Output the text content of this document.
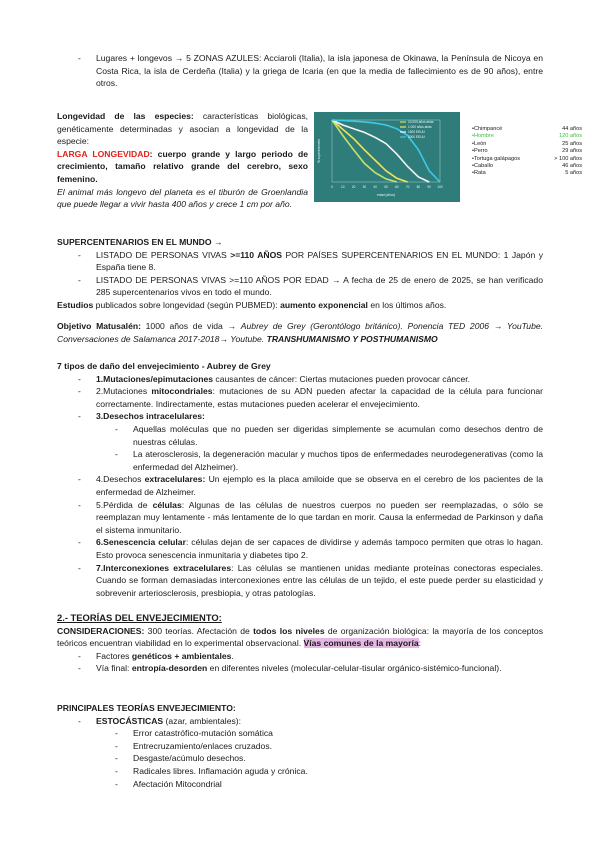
- Lugares + longevos → 5 ZONAS AZULES: Acciaroli (Italia), la isla japonesa de Okinawa, la Península de Nicoya en Costa Rica, la isla de Cerdeña (Italia) y la griega de Icaria (en que la media de fallecimiento es de 90 años), entre otros.
Longevidad de las especies: características biológicas, genéticamente determinadas y asocian a longevidad de la especie:
LARGA LONGEVIDAD: cuerpo grande y largo periodo de crecimiento, tamaño relativo grande del cerebro, sexo femenino.
El animal más longevo del planeta es el tiburón de Groenlandia que puede llegar a vivir hasta 400 años y crece 1 cm por año.
0	10 20 30 40 50 60 70 80 90 100
edad (años)
% supervivientes
10.000 años atrás
1.000 años atrás
1900 EEUU
2000 EEUU
•Chimpancé	44 años
•Hombre	120 años
•León	25 años
•Perro	29 años
•Tortuga galápagos	> 100 años
•Caballo	46 años
•Rata	5 años
SUPERCENTENARIOS EN EL MUNDO →
- LISTADO DE PERSONAS VIVAS >=110 AÑOS POR PAÍSES SUPERCENTENARIOS EN EL MUNDO: 1 Japón y España tiene 8.
- LISTADO DE PERSONAS VIVAS >=110 AÑOS POR EDAD → A fecha de 25 de enero de 2025, se han verificado 285 supercentenarios vivos en todo el mundo.
Estudios publicados sobre longevidad (según PUBMED): aumento exponencial en los últimos años.
Objetivo Matusalén: 1000 años de vida → Aubrey de Grey (Gerontólogo británico). Ponencia TED 2006 → YouTube. Conversaciones de Salamanca 2017-2018→ Youtube. TRANSHUMANISMO Y POSTHUMANISMO
7 tipos de daño del envejecimiento - Aubrey de Grey
- 1.Mutaciones/epimutaciones causantes de cáncer: Ciertas mutaciones pueden provocar cáncer.
- 2.Mutaciones mitocondriales: mutaciones de su ADN pueden afectar la capacidad de la célula para funcionar correctamente. Indirectamente, estas mutaciones pueden acelerar el envejecimiento.
- 3.Desechos intracelulares:
- Aquellas moléculas que no pueden ser digeridas simplemente se acumulan como desechos dentro de nuestras células.
- La aterosclerosis, la degeneración macular y muchos tipos de enfermedades neurodegenerativas (como la enfermedad del Alzheimer).
- 4.Desechos extracelulares: Un ejemplo es la placa amiloide que se observa en el cerebro de los pacientes de la enfermedad de Alzheimer.
- 5.Pérdida de células: Algunas de las células de nuestros cuerpos no pueden ser reemplazadas, o sólo se reemplazan muy lentamente - más lentamente de lo que tardan en morir. Causa la enfermedad de Parkinson y daña el sistema inmunitario.
- 6.Senescencia celular: células dejan de ser capaces de dividirse y además tampoco permiten que otras lo hagan. Esto provoca senescencia inmunitaria y diabetes tipo 2.
- 7.Interconexiones extracelulares: Las células se mantienen unidas mediante proteínas conectoras especiales. Cuando se forman demasiadas interconexiones entre las células de un tejido, el este puede perder su elasticidad y sobrevenir arteriosclerosis, presbiopia, y otras patologías.
2.- TEORÍAS DEL ENVEJECIMIENTO:
CONSIDERACIONES: 300 teorías. Afectación de todos los niveles de organización biológica: la mayoría de los conceptos teóricos encuentran viabilidad en lo experimental observacional. Vías comunes de la mayoría:
- Factores genéticos + ambientales.
- Vía final: entropía-desorden en diferentes niveles (molecular-celular-tisular orgánico-sistémico-funcional).
PRINCIPALES TEORÍAS ENVEJECIMIENTO:
- ESTOCÁSTICAS (azar, ambientales):
- Error catastrófico-mutación somática
- Entrecruzamiento/enlaces cruzados.
- Desgaste/acúmulo desechos.
- Radicales libres. Inflamación aguda y crónica.
- Afectación Mitocondrial
